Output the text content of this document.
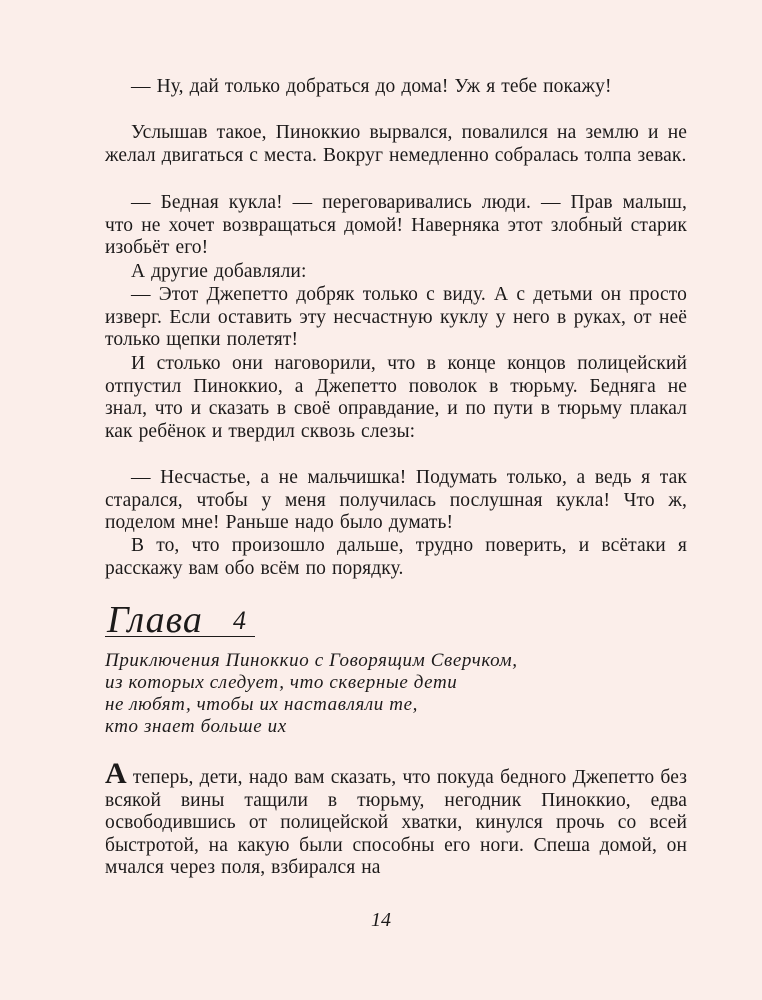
— Ну, дай только добраться до дома! Уж я тебе покажу!

Услышав такое, Пиноккио вырвался, повалился на землю и не желал двигаться с места. Вокруг немедленно собралась толпа зевак.

— Бедная кукла! — переговаривались люди. — Прав малыш, что не хочет возвращаться домой! Наверняка этот злобный старик изобьёт его!

А другие добавляли:

— Этот Джепетто добряк только с виду. А с детьми он просто изверг. Если оставить эту несчастную куклу у него в руках, от неё только щепки полетят!

И столько они наговорили, что в конце концов полицейский отпустил Пиноккио, а Джепетто поволок в тюрьму. Бедняга не знал, что и сказать в своё оправдание, и по пути в тюрьму плакал как ребёнок и твердил сквозь слезы:

— Несчастье, а не мальчишка! Подумать только, а ведь я так старался, чтобы у меня получилась послушная кукла! Что ж, поделом мне! Раньше надо было думать!

В то, что произошло дальше, трудно поверить, и всётаки я расскажу вам обо всём по порядку.

Глава 4

Приключения Пиноккио с Говорящим Сверчком,

из которых следует, что скверные дети

не любят, чтобы их наставляли те,

кто знает больше их

А теперь, дети, надо вам сказать, что покуда бедного Джепетто без всякой вины тащили в тюрьму, негодник Пиноккио, едва освободившись от полицейской хватки, кинулся прочь со всей быстротой, на какую были способны его ноги. Спеша домой, он мчался через поля, взбирался на

14
